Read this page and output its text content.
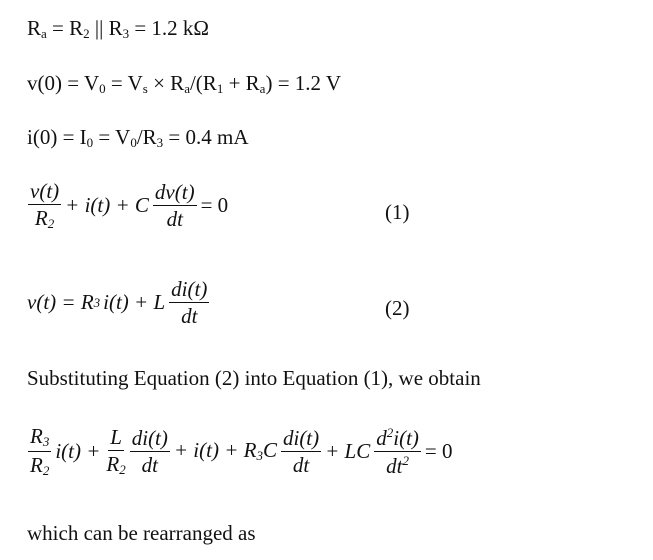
$R_a = R_2$ || $R_3 = 1.2$ kΩ
$v(0) = V_0 = V_s \times R_a/(R_1 + R_a) = 1.2$ V
$i(0) = I_0 = V_0/R_3 = 0.4$ mA
$\frac{v(t)}{R_2} + i(t) + C \frac{dv(t)}{dt} = 0$	(1)
v(t) = R 3 i(t) + L $\frac{di(t)}{dt}$	(2)
Substituting Equation (2) into Equation (1), we obtain
$\frac{R_3}{R_2} i(t) + \frac{L}{R_2} \frac{di(t)}{dt} + i(t) + R_3C \frac{di(t)}{dt}$ + LC $\frac{d^2i(t)}{dt^2} = 0$
which can be rearranged as
